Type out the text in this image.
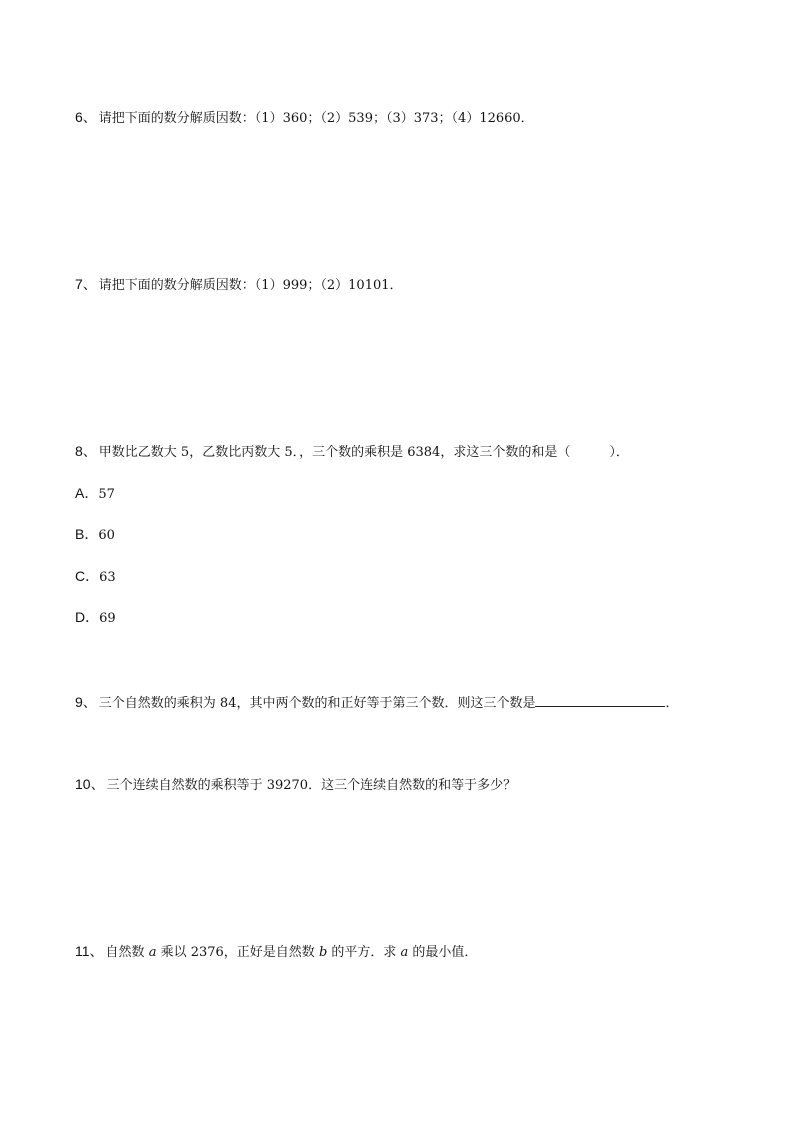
6、 请把下面的数分解质因数：（1）360；（2）539；（3）373；（4）12660．
7、 请把下面的数分解质因数：（1）999；（2）10101．
8、 甲数比乙数大 5，乙数比丙数大 5．，三个数的乘积是 6384，求这三个数的和是（　　　）．
A．57
B．60
C．63
D．69
9、 三个自然数的乘积为 84，其中两个数的和正好等于第三个数．则这三个数是	．
10、 三个连续自然数的乘积等于 39270．这三个连续自然数的和等于多少？
11、 自然数 a 乘以 2376，正好是自然数 b 的平方．求 a 的最小值．
